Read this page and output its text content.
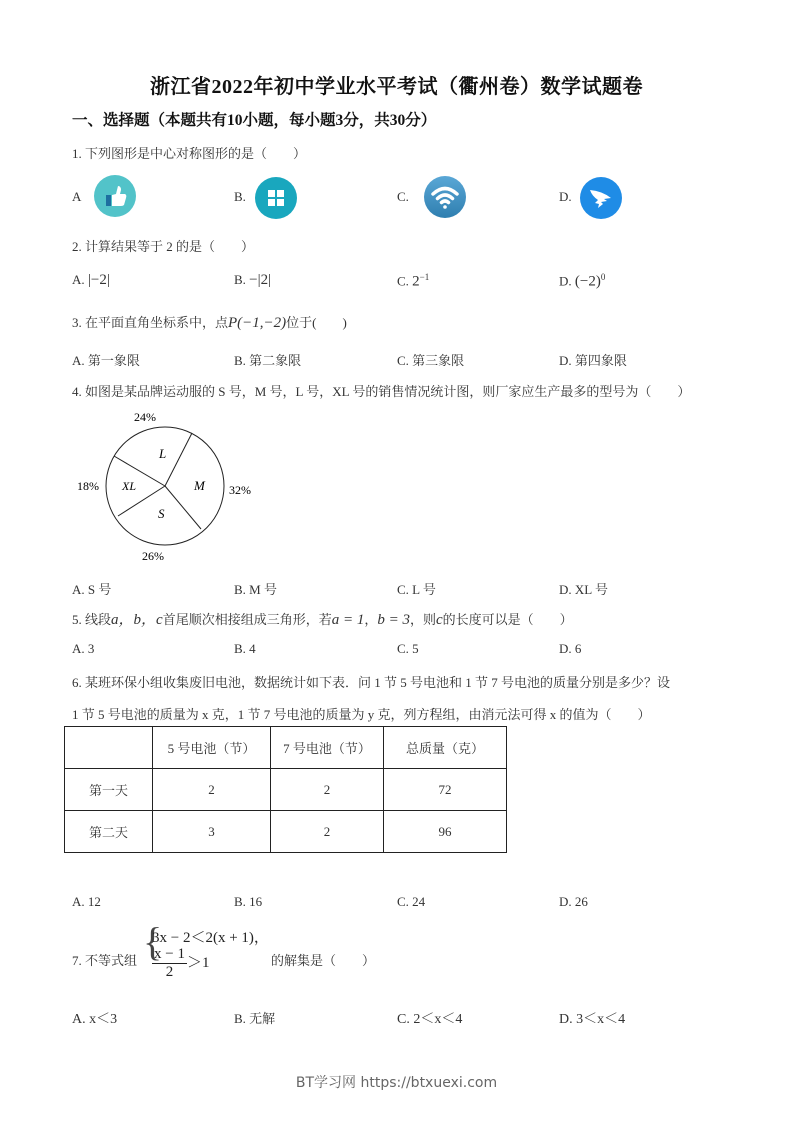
浙江省2022年初中学业水平考试（衢州卷）数学试题卷
一、选择题（本题共有10小题，每小题3分，共30分）
1. 下列图形是中心对称图形的是（　　）
A	B.	C.	D.
2. 计算结果等于 2 的是（　　）
A. |−2|	B. −|2|	C. $2^{-1}$	D. $(-2)^0$
3. 在平面直角坐标系中，点P(−1,−2)位于(　　)
A. 第一象限	B. 第二象限	C. 第三象限	D. 第四象限
4. 如图是某品牌运动服的 S 号，M 号，L 号，XL 号的销售情况统计图，则厂家应生产最多的型号为（　　）
L
M
S
XL
24%
32%
26%
18%
A. S 号	B. M 号	C. L 号	D. XL 号
5. 线段a，b，c首尾顺次相接组成三角形，若a = 1，b = 3，则c的长度可以是（　　）
A. 3	B. 4	C. 5	D. 6
6. 某班环保小组收集废旧电池，数据统计如下表．问 1 节 5 号电池和 1 节 7 号电池的质量分别是多少？设
1 节 5 号电池的质量为 x 克，1 节 7 号电池的质量为 y 克，列方程组，由消元法可得 x 的值为（　　）
	5 号电池（节）	7 号电池（节）	总质量（克）
第一天	2	2	72
第二天	3	2	96
A. 12	B. 16	C. 24	D. 26
7. 不等式组 {
3x − 2＜2(x + 1)，
$\frac{x - 1}{2} >1$	的解集是（　　）
A. x＜3	B. 无解	C. 2＜x＜4	D. 3＜x＜4
BT学习网 https://btxuexi.com
